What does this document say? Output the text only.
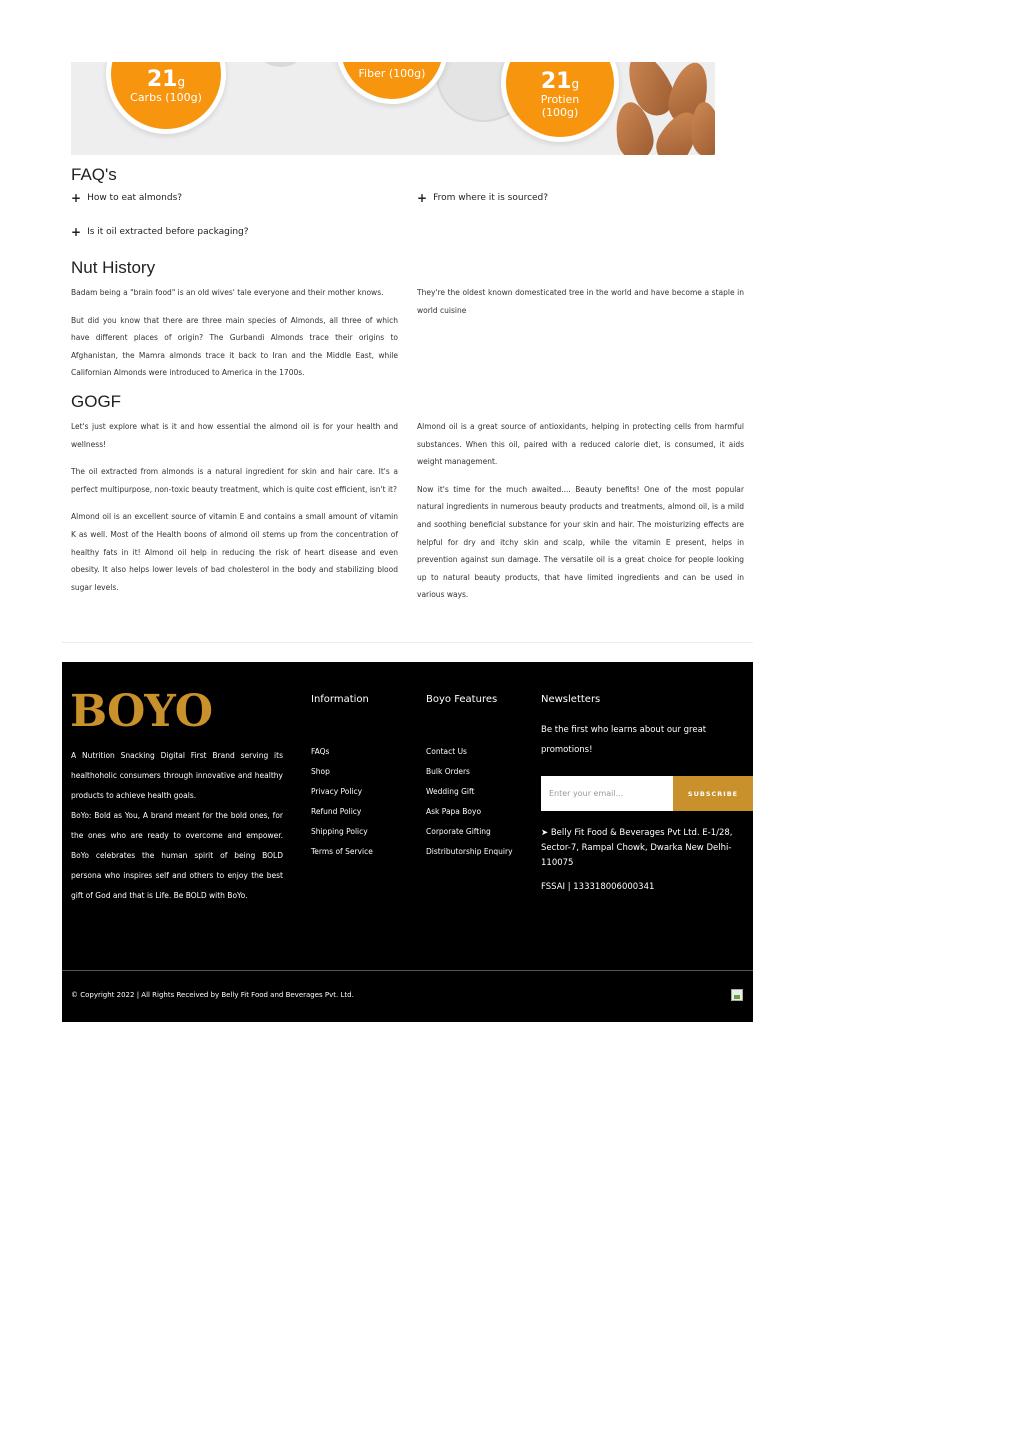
21g
Carbs (100g)
Fiber (100g)	21g
Protien
(100g)
FAQ's
+ How to eat almonds?	+ From where it is sourced?
+ Is it oil extracted before packaging?
Nut History

Badam being a "brain food" is an old wives' tale everyone and their mother knows.

But did you know that there are three main species of Almonds, all three of which have different places of origin? The Gurbandi Almonds trace their origins to Afghanistan, the Mamra almonds trace it back to Iran and the Middle East, while Californian Almonds were introduced to America in the 1700s.

They're the oldest known domesticated tree in the world and have become a staple in world cuisine

GOGF

Let's just explore what is it and how essential the almond oil is for your health and wellness!

The oil extracted from almonds is a natural ingredient for skin and hair care. It's a perfect multipurpose, non-toxic beauty treatment, which is quite cost efficient, isn't it?

Almond oil is an excellent source of vitamin E and contains a small amount of vitamin K as well. Most of the Health boons of almond oil stems up from the concentration of healthy fats in it! Almond oil help in reducing the risk of heart disease and even obesity. It also helps lower levels of bad cholesterol in the body and stabilizing blood sugar levels.

Almond oil is a great source of antioxidants, helping in protecting cells from harmful substances. When this oil, paired with a reduced calorie diet, is consumed, it aids weight management.

Now it's time for the much awaited.... Beauty benefits! One of the most popular natural ingredients in numerous beauty products and treatments, almond oil, is a mild and soothing beneficial substance for your skin and hair. The moisturizing effects are helpful for dry and itchy skin and scalp, while the vitamin E present, helps in prevention against sun damage. The versatile oil is a great choice for people looking up to natural beauty products, that have limited ingredients and can be used in various ways.

BOYO

A Nutrition Snacking Digital First Brand serving its healthoholic consumers through innovative and healthy products to achieve health goals.

BoYo: Bold as You, A brand meant for the bold ones, for the ones who are ready to overcome and empower. BoYo celebrates the human spirit of being BOLD persona who inspires self and others to enjoy the best gift of God and that is Life. Be BOLD with BoYo.

Information
FAQs
Shop
Privacy Policy
Refund Policy
Shipping Policy
Terms of Service
Boyo Features
Contact Us
Bulk Orders
Wedding Gift
Ask Papa Boyo
Corporate Gifting
Distributorship Enquiry
Newsletters
Be the first who learns about our great promotions!
Enter your email...
SUBSCRIBE
➤ Belly Fit Food & Beverages Pvt Ltd. E-1/28, Sector-7, Rampal Chowk, Dwarka New Delhi-110075
FSSAI | 13331800600034​1
© Copyright 2022 | All Rights Received by Belly Fit Food and Beverages Pvt. Ltd.
